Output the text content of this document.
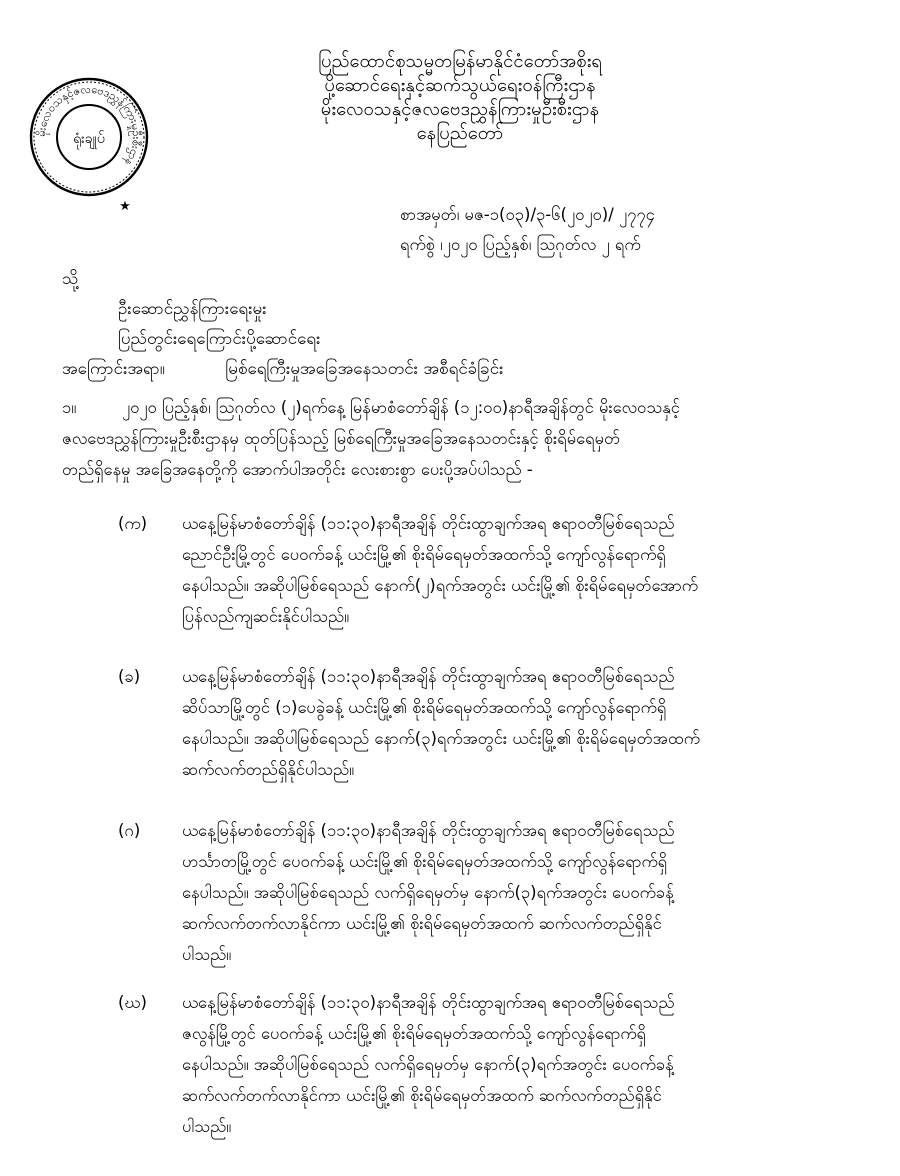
မိုးလေဝသနှင့်ဇလဗေဒညွှန်ကြားမှုဦးစီးဌာန
ရုံးချုပ်
★
ပြည်ထောင်စုသမ္မတမြန်မာနိုင်ငံတော်အစိုးရ
ပို့ဆောင်ရေးနှင့်ဆက်သွယ်ရေးဝန်ကြီးဌာန
မိုးလေဝသနှင့်ဇလဗေဒညွှန်ကြားမှုဦးစီးဌာန
နေပြည်တော်
စာအမှတ်၊ မဇ-၁(၀၃)/၃-၆(၂၀၂၀)/ ၂၇၇၄
ရက်စွဲ ၊၂၀၂၀ ပြည့်နှစ်၊ ဩဂုတ်လ ၂ ရက်
သို့
ဦးဆောင်ညွှန်ကြားရေးမှုး
ပြည်တွင်းရေကြောင်းပို့ဆောင်ရေး
အကြောင်းအရာ။	မြစ်ရေကြီးမှုအခြေအနေသတင်း အစီရင်ခံခြင်း
၁။	၂၀၂၀ ပြည့်နှစ်၊ ဩဂုတ်လ (၂)ရက်နေ့ မြန်မာစံတော်ချိန် (၁၂:၀၀)နာရီအချိန်တွင် မိုးလေဝသနှင့်
ဇလဗေဒညွှန်ကြားမှုဦးစီးဌာနမှ ထုတ်ပြန်သည့် မြစ်ရေကြီးမှုအခြေအနေသတင်းနှင့် စိုးရိမ်ရေမှတ်
တည်ရှိနေမှု အခြေအနေတို့ကို အောက်ပါအတိုင်း လေးစားစွာ ပေးပို့အပ်ပါသည် -
(က) ယနေ့မြန်မာစံတော်ချိန် (၁၁:၃၀)နာရီအချိန် တိုင်းထွာချက်အရ ဧရာဝတီမြစ်ရေသည်
ညောင်ဦးမြို့တွင် ပေ၀က်ခန့် ယင်းမြို့၏ စိုးရိမ်ရေမှတ်အထက်သို့ ကျော်လွန်ရောက်ရှိ
နေပါသည်။ အဆိုပါမြစ်ရေသည် နောက်(၂)ရက်အတွင်း ယင်းမြို့၏ စိုးရိမ်ရေမှတ်အောက်
ပြန်လည်ကျဆင်းနိုင်ပါသည်။
(ခ)	ယနေ့မြန်မာစံတော်ချိန် (၁၁:၃၀)နာရီအချိန် တိုင်းထွာချက်အရ ဧရာဝတီမြစ်ရေသည်
ဆိပ်သာမြို့တွင် (၁)ပေခွဲခန့် ယင်းမြို့၏ စိုးရိမ်ရေမှတ်အထက်သို့ ကျော်လွန်ရောက်ရှိ
နေပါသည်။ အဆိုပါမြစ်ရေသည် နောက်(၃)ရက်အတွင်း ယင်းမြို့၏ စိုးရိမ်ရေမှတ်အထက်
ဆက်လက်တည်ရှိနိုင်ပါသည်။
(ဂ)	ယနေ့မြန်မာစံတော်ချိန် (၁၁:၃၀)နာရီအချိန် တိုင်းထွာချက်အရ ဧရာဝတီမြစ်ရေသည်
ဟင်္သာတမြို့တွင် ပေ၀က်ခန့် ယင်းမြို့၏ စိုးရိမ်ရေမှတ်အထက်သို့ ကျော်လွန်ရောက်ရှိ
နေပါသည်။ အဆိုပါမြစ်ရေသည် လက်ရှိရေမှတ်မှ နောက်(၃)ရက်အတွင်း ပေ၀က်ခန့်
ဆက်လက်တက်လာနိုင်ကာ ယင်းမြို့၏ စိုးရိမ်ရေမှတ်အထက် ဆက်လက်တည်ရှိနိုင်
ပါသည်။
(ဃ) ယနေ့မြန်မာစံတော်ချိန် (၁၁:၃၀)နာရီအချိန် တိုင်းထွာချက်အရ ဧရာဝတီမြစ်ရေသည်
ဇလွန်မြို့တွင် ပေ၀က်ခန့် ယင်းမြို့၏ စိုးရိမ်ရေမှတ်အထက်သို့ ကျော်လွန်ရောက်ရှိ
နေပါသည်။ အဆိုပါမြစ်ရေသည် လက်ရှိရေမှတ်မှ နောက်(၃)ရက်အတွင်း ပေ၀က်ခန့်
ဆက်လက်တက်လာနိုင်ကာ ယင်းမြို့၏ စိုးရိမ်ရေမှတ်အထက် ဆက်လက်တည်ရှိနိုင်
ပါသည်။
